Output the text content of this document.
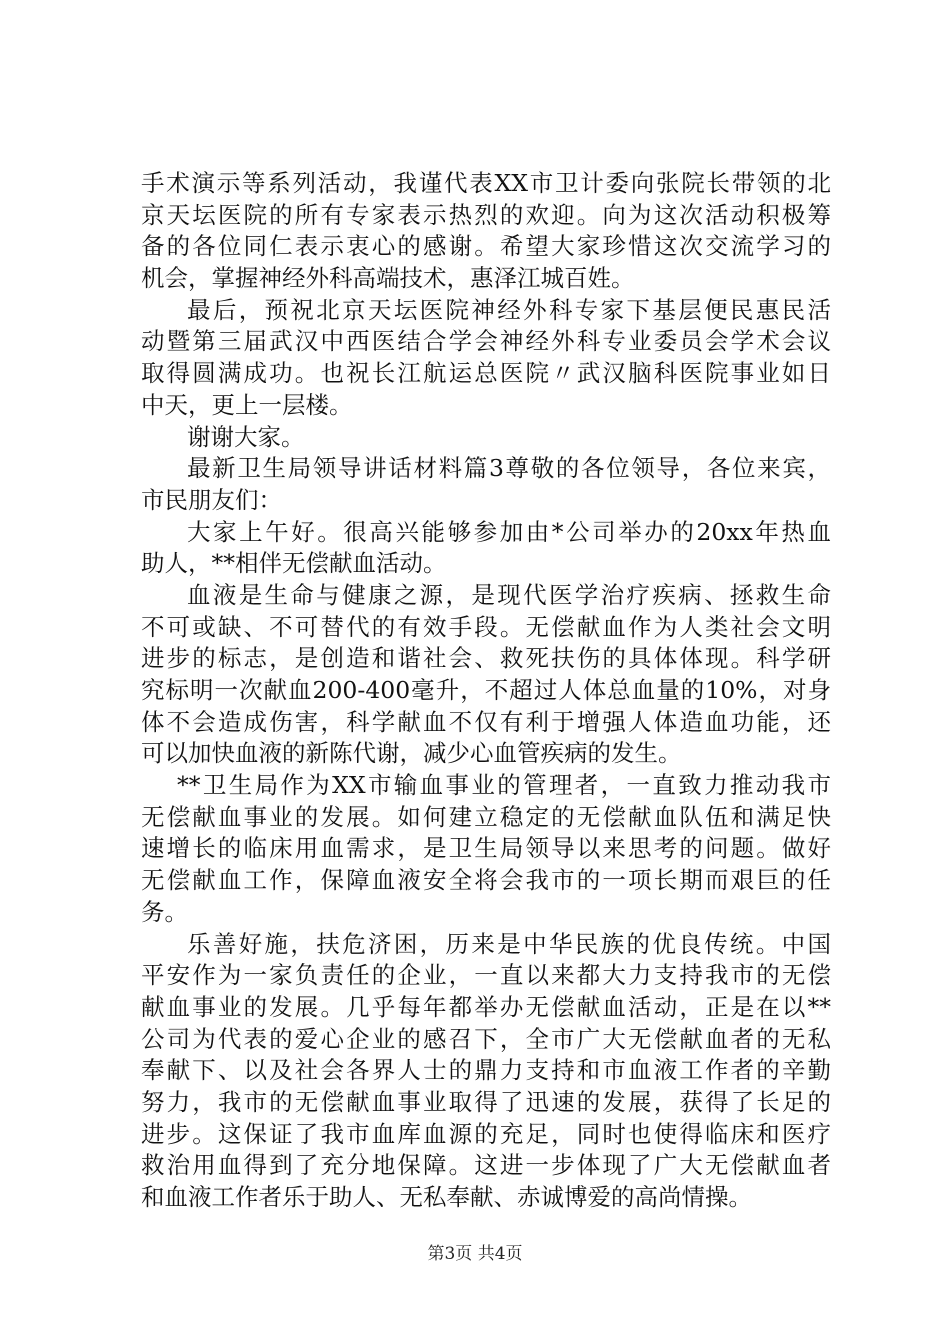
手术演示等系列活动，我谨代表XX市卫计委向张院长带领的北
京天坛医院的所有专家表示热烈的欢迎。向为这次活动积极筹
备的各位同仁表示衷心的感谢。希望大家珍惜这次交流学习的
机会，掌握神经外科高端技术，惠泽江城百姓。
最后，预祝北京天坛医院神经外科专家下基层便民惠民活
动暨第三届武汉中西医结合学会神经外科专业委员会学术会议
取得圆满成功。也祝长江航运总医院〃武汉脑科医院事业如日
中天，更上一层楼。
谢谢大家。
最新卫生局领导讲话材料篇3尊敬的各位领导，各位来宾，
市民朋友们：
大家上午好。很高兴能够参加由*公司举办的20xx年热血
助人，**相伴无偿献血活动。
血液是生命与健康之源，是现代医学治疗疾病、拯救生命
不可或缺、不可替代的有效手段。无偿献血作为人类社会文明
进步的标志，是创造和谐社会、救死扶伤的具体体现。科学研
究标明一次献血200-400毫升，不超过人体总血量的10%，对身
体不会造成伤害，科学献血不仅有利于增强人体造血功能，还
可以加快血液的新陈代谢，减少心血管疾病的发生。
**卫生局作为XX市输血事业的管理者，一直致力推动我市
无偿献血事业的发展。如何建立稳定的无偿献血队伍和满足快
速增长的临床用血需求，是卫生局领导以来思考的问题。做好
无偿献血工作，保障血液安全将会我市的一项长期而艰巨的任
务。
乐善好施，扶危济困，历来是中华民族的优良传统。中国
平安作为一家负责任的企业，一直以来都大力支持我市的无偿
献血事业的发展。几乎每年都举办无偿献血活动，正是在以**
公司为代表的爱心企业的感召下，全市广大无偿献血者的无私
奉献下、以及社会各界人士的鼎力支持和市血液工作者的辛勤
努力，我市的无偿献血事业取得了迅速的发展，获得了长足的
进步。这保证了我市血库血源的充足，同时也使得临床和医疗
救治用血得到了充分地保障。这进一步体现了广大无偿献血者
和血液工作者乐于助人、无私奉献、赤诚博爱的高尚情操。
第3页 共4页
